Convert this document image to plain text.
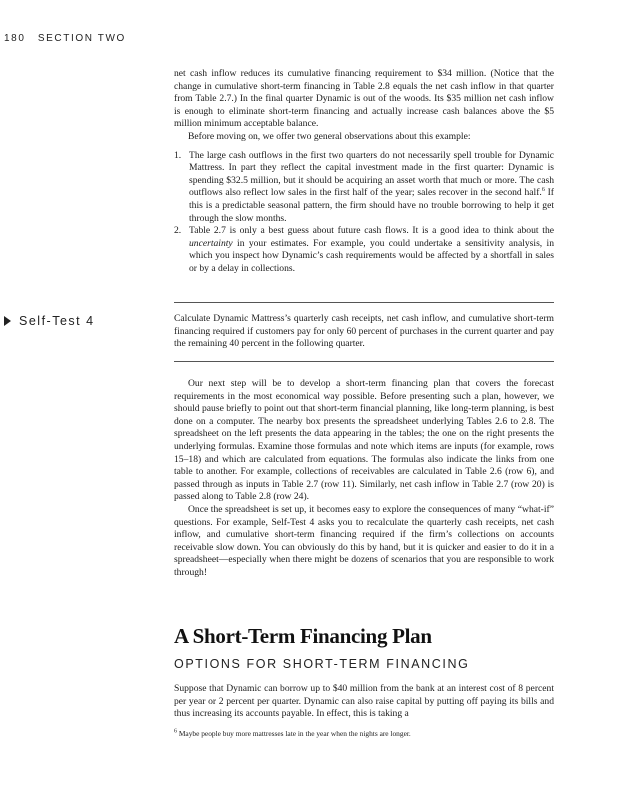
180 SECTION TWO

net cash inflow reduces its cumulative financing requirement to $34 million. (Notice that the change in cumulative short-term financing in Table 2.8 equals the net cash inflow in that quarter from Table 2.7.) In the final quarter Dynamic is out of the woods. Its $35 million net cash inflow is enough to eliminate short-term financing and actually increase cash balances above the $5 million minimum acceptable balance.

Before moving on, we offer two general observations about this example:

1. The large cash outflows in the first two quarters do not necessarily spell trouble for Dynamic Mattress. In part they reflect the capital investment made in the first quarter: Dynamic is spending $32.5 million, but it should be acquiring an asset worth that much or more. The cash outflows also reflect low sales in the first half of the year; sales recover in the second half.$^6$ If this is a predictable seasonal pattern, the firm should have no trouble borrowing to help it get through the slow months.
2. Table 2.7 is only a best guess about future cash flows. It is a good idea to think about the uncertainty in your estimates. For example, you could undertake a sensitivity analysis, in which you inspect how Dynamic’s cash requirements would be affected by a shortfall in sales or by a delay in collections.
Self-Test 4	Calculate Dynamic Mattress’s quarterly cash receipts, net cash inflow, and cumulative short-term financing required if customers pay for only 60 percent of purchases in the current quarter and pay the remaining 40 percent in the following quarter.

Our next step will be to develop a short-term financing plan that covers the forecast requirements in the most economical way possible. Before presenting such a plan, however, we should pause briefly to point out that short-term financial planning, like long-term planning, is best done on a computer. The nearby box presents the spreadsheet underlying Tables 2.6 to 2.8. The spreadsheet on the left presents the data appearing in the tables; the one on the right presents the underlying formulas. Examine those formulas and note which items are inputs (for example, rows 15–18) and which are calculated from equations. The formulas also indicate the links from one table to another. For example, collections of receivables are calculated in Table 2.6 (row 6), and passed through as inputs in Table 2.7 (row 11). Similarly, net cash inflow in Table 2.7 (row 20) is passed along to Table 2.8 (row 24).

Once the spreadsheet is set up, it becomes easy to explore the consequences of many “what-if” questions. For example, Self-Test 4 asks you to recalculate the quarterly cash receipts, net cash inflow, and cumulative short-term financing required if the firm’s collections on accounts receivable slow down. You can obviously do this by hand, but it is quicker and easier to do it in a spreadsheet—especially when there might be dozens of scenarios that you are responsible to work through!

A Short-Term Financing Plan
OPTIONS FOR SHORT-TERM FINANCING

Suppose that Dynamic can borrow up to $40 million from the bank at an interest cost of 8 percent per year or 2 percent per quarter. Dynamic can also raise capital by putting off paying its bills and thus increasing its accounts payable. In effect, this is taking a

$^6$ Maybe people buy more mattresses late in the year when the nights are longer.
